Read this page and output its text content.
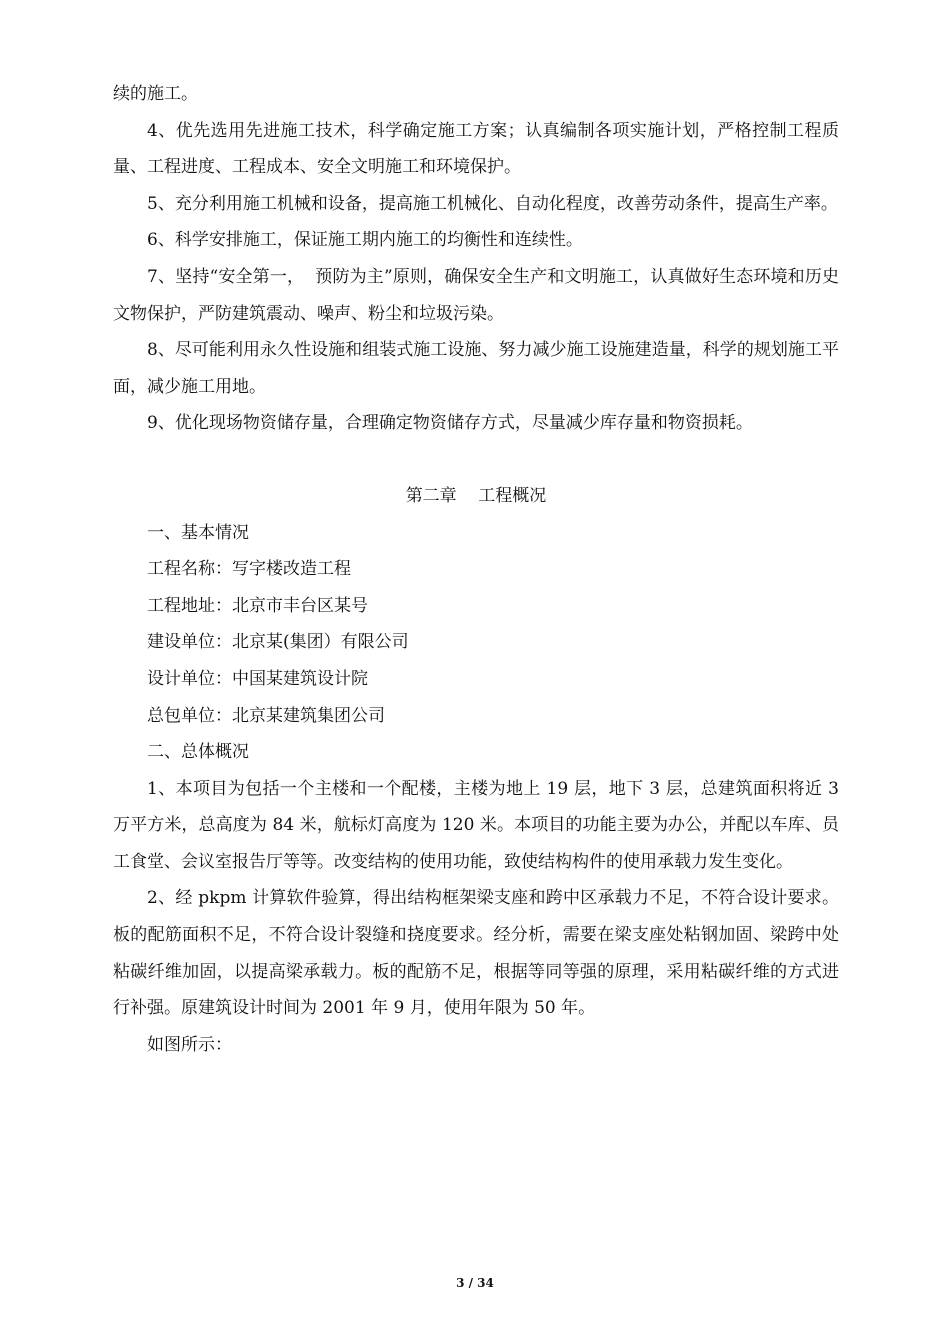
续的施工。

4、优先选用先进施工技术，科学确定施工方案；认真编制各项实施计划，严格控制工程质量、工程进度、工程成本、安全文明施工和环境保护。

5、充分利用施工机械和设备，提高施工机械化、自动化程度，改善劳动条件，提高生产率。

6、科学安排施工，保证施工期内施工的均衡性和连续性。

7、坚持“安全第一，  预防为主”原则，确保安全生产和文明施工，认真做好生态环境和历史文物保护，严防建筑震动、噪声、粉尘和垃圾污染。

8、尽可能利用永久性设施和组装式施工设施、努力减少施工设施建造量，科学的规划施工平面，减少施工用地。

9、优化现场物资储存量，合理确定物资储存方式，尽量减少库存量和物资损耗。

第二章    工程概况

一、基本情况

工程名称：写字楼改造工程

工程地址：北京市丰台区某号

建设单位：北京某(集团）有限公司

设计单位：中国某建筑设计院

总包单位：北京某建筑集团公司

二、总体概况

1、本项目为包括一个主楼和一个配楼，主楼为地上 19 层，地下 3 层，总建筑面积将近 3 万平方米，总高度为 84 米，航标灯高度为 120 米。本项目的功能主要为办公，并配以车库、员工食堂、会议室报告厅等等。改变结构的使用功能，致使结构构件的使用承载力发生变化。

2、经 pkpm 计算软件验算，得出结构框架梁支座和跨中区承载力不足，不符合设计要求。板的配筋面积不足，不符合设计裂缝和挠度要求。经分析，需要在梁支座处粘钢加固、梁跨中处粘碳纤维加固，以提高梁承载力。板的配筋不足，根据等同等强的原理，采用粘碳纤维的方式进行补强。原建筑设计时间为 2001 年 9 月，使用年限为 50 年。

如图所示：

3 / 34
